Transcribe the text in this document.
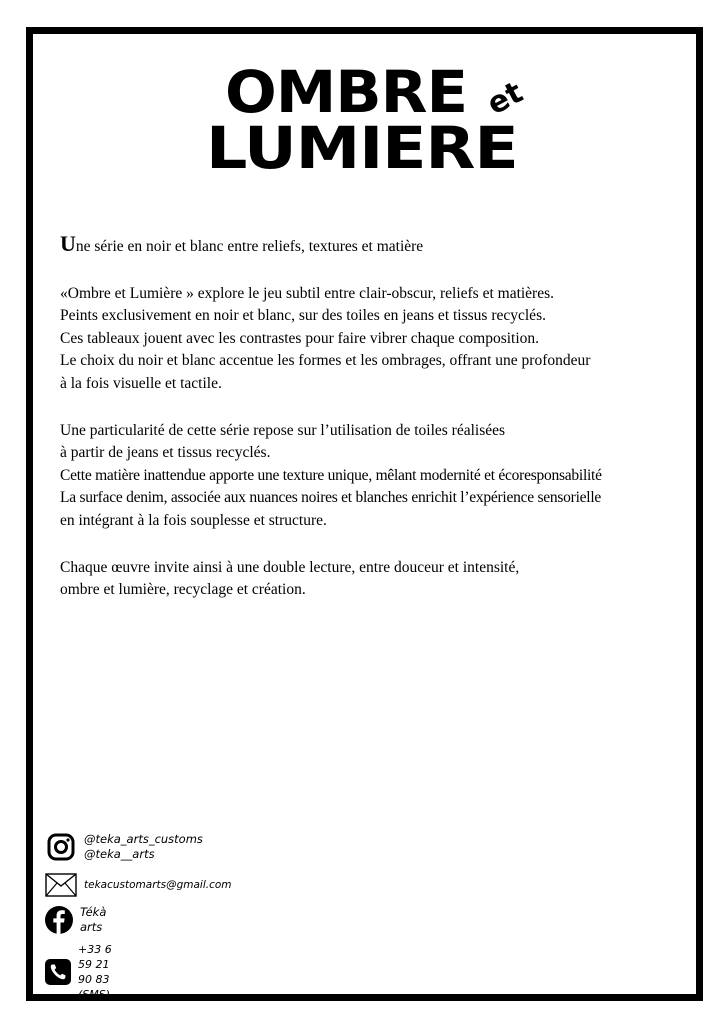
OMBRE et
LUMIERE

Une série en noir et blanc entre reliefs, textures et matière

«Ombre et Lumière » explore le jeu subtil entre clair-obscur, reliefs et matières.
Peints exclusivement en noir et blanc, sur des toiles en jeans et tissus recyclés.
Ces tableaux jouent avec les contrastes pour faire vibrer chaque composition.
Le choix du noir et blanc accentue les formes et les ombrages, offrant une profondeur
à la fois visuelle et tactile.

Une particularité de cette série repose sur l’utilisation de toiles réalisées
à partir de jeans et tissus recyclés.
Cette matière inattendue apporte une texture unique, mêlant modernité et écoresponsabilité
La surface denim, associée aux nuances noires et blanches enrichit l’expérience sensorielle
en intégrant à la fois souplesse et structure.

Chaque œuvre invite ainsi à une double lecture, entre douceur et intensité,
ombre et lumière, recyclage et création.

@teka_arts_customs
@teka__arts
tekacustomarts@gmail.com
Tékà arts
+33 6 59 21 90 83 (SMS)
